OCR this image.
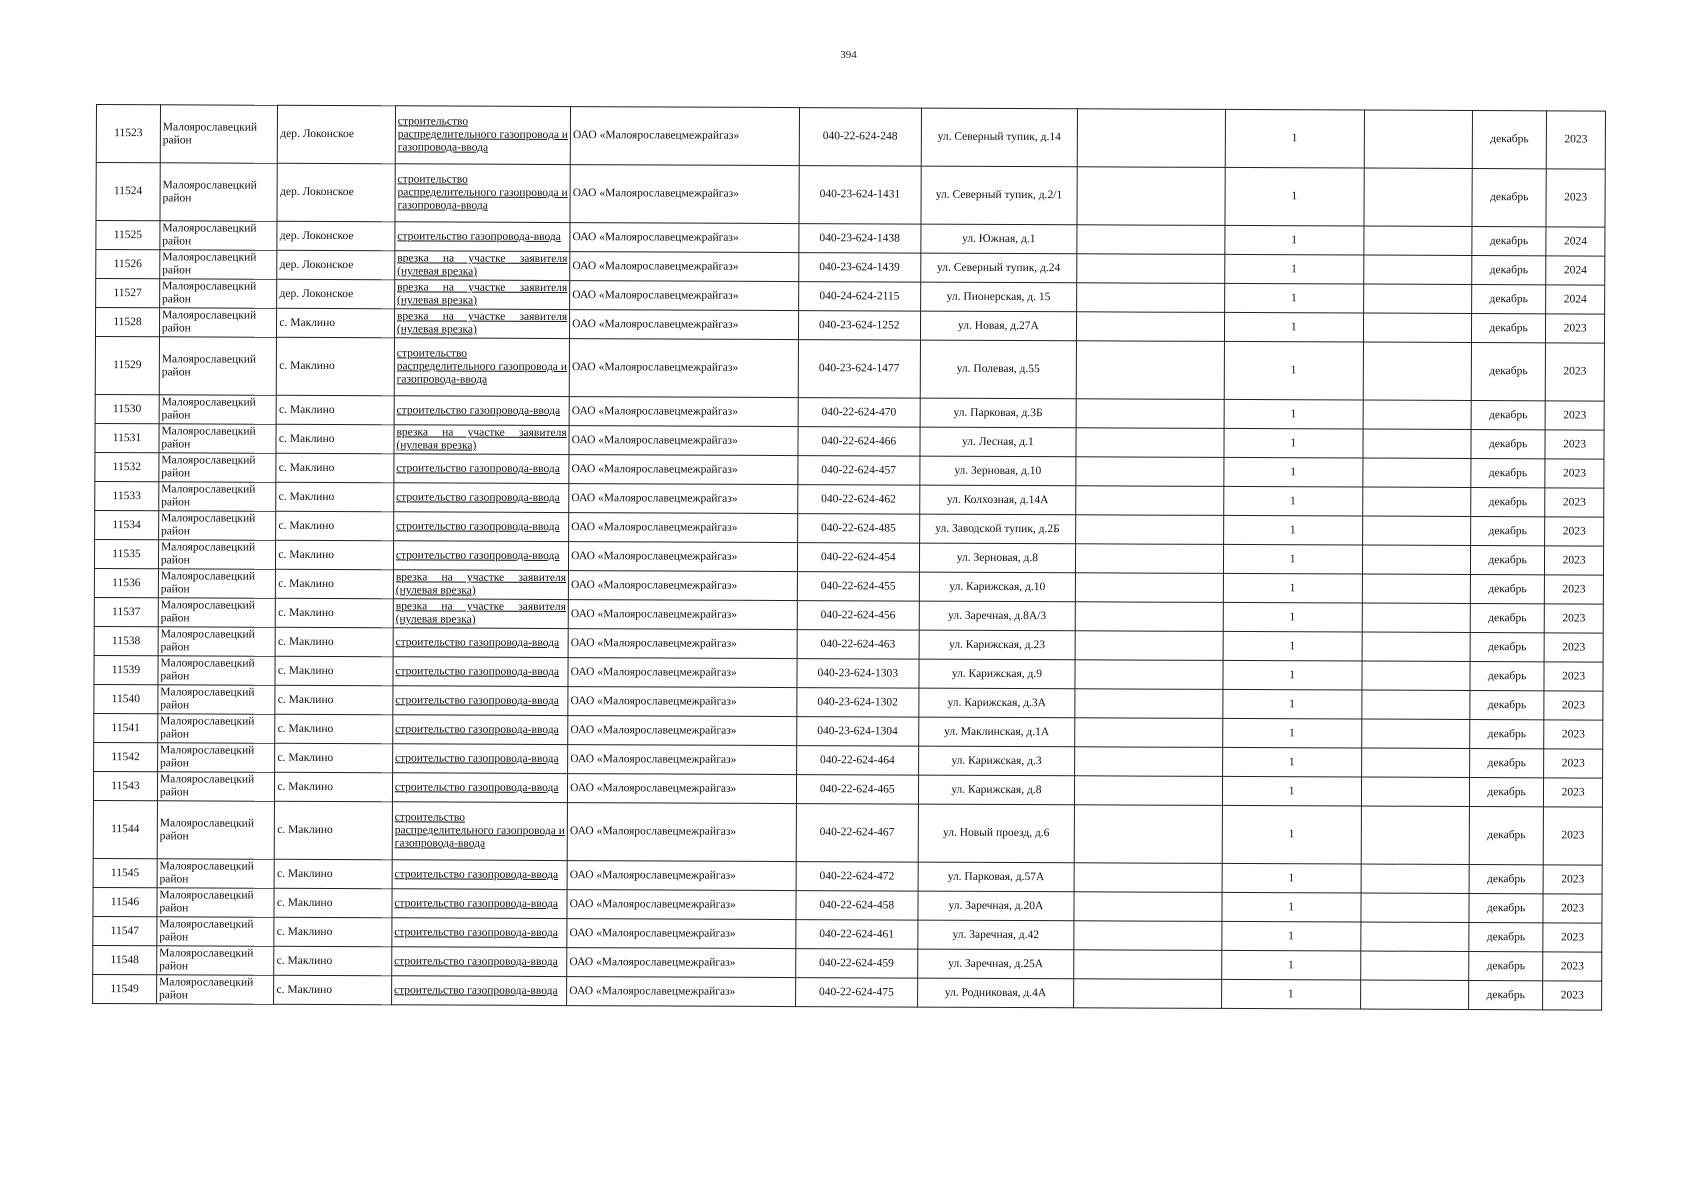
394
11523	Малоярославецкий район	дер. Локонское	строительство распределительного газопровода и газопровода-ввода	ОАО «Малоярославецмежрайгаз»	040-22-624-248	ул. Северный тупик, д.14		1		декабрь	2023
11524	Малоярославецкий район	дер. Локонское	строительство распределительного газопровода и газопровода-ввода	ОАО «Малоярославецмежрайгаз»	040-23-624-1431	ул. Северный тупик, д.2/1		1		декабрь	2023
11525	Малоярославецкий район	дер. Локонское	строительство газопровода-ввода	ОАО «Малоярославецмежрайгаз»	040-23-624-1438	ул. Южная, д.1		1		декабрь	2024
11526	Малоярославецкий район	дер. Локонское	врезка на участке заявителя (нулевая врезка)	ОАО «Малоярославецмежрайгаз»	040-23-624-1439	ул. Северный тупик, д.24		1		декабрь	2024
11527	Малоярославецкий район	дер. Локонское	врезка на участке заявителя (нулевая врезка)	ОАО «Малоярославецмежрайгаз»	040-24-624-2115	ул. Пионерская, д. 15		1		декабрь	2024
11528	Малоярославецкий район	с. Маклино	врезка на участке заявителя (нулевая врезка)	ОАО «Малоярославецмежрайгаз»	040-23-624-1252	ул. Новая, д.27А		1		декабрь	2023
11529	Малоярославецкий район	с. Маклино	строительство распределительного газопровода и газопровода-ввода	ОАО «Малоярославецмежрайгаз»	040-23-624-1477	ул. Полевая, д.55		1		декабрь	2023
11530	Малоярославецкий район	с. Маклино	строительство газопровода-ввода	ОАО «Малоярославецмежрайгаз»	040-22-624-470	ул. Парковая, д.3Б		1		декабрь	2023
11531	Малоярославецкий район	с. Маклино	врезка на участке заявителя (нулевая врезка)	ОАО «Малоярославецмежрайгаз»	040-22-624-466	ул. Лесная, д.1		1		декабрь	2023
11532	Малоярославецкий район	с. Маклино	строительство газопровода-ввода	ОАО «Малоярославецмежрайгаз»	040-22-624-457	ул. Зерновая, д.10		1		декабрь	2023
11533	Малоярославецкий район	с. Маклино	строительство газопровода-ввода	ОАО «Малоярославецмежрайгаз»	040-22-624-462	ул. Колхозная, д.14А		1		декабрь	2023
11534	Малоярославецкий район	с. Маклино	строительство газопровода-ввода	ОАО «Малоярославецмежрайгаз»	040-22-624-485	ул. Заводской тупик, д.2Б		1		декабрь	2023
11535	Малоярославецкий район	с. Маклино	строительство газопровода-ввода	ОАО «Малоярославецмежрайгаз»	040-22-624-454	ул. Зерновая, д.8		1		декабрь	2023
11536	Малоярославецкий район	с. Маклино	врезка на участке заявителя (нулевая врезка)	ОАО «Малоярославецмежрайгаз»	040-22-624-455	ул. Карижская, д.10		1		декабрь	2023
11537	Малоярославецкий район	с. Маклино	врезка на участке заявителя (нулевая врезка)	ОАО «Малоярославецмежрайгаз»	040-22-624-456	ул. Заречная, д.8А/3		1		декабрь	2023
11538	Малоярославецкий район	с. Маклино	строительство газопровода-ввода	ОАО «Малоярославецмежрайгаз»	040-22-624-463	ул. Карижская, д.23		1		декабрь	2023
11539	Малоярославецкий район	с. Маклино	строительство газопровода-ввода	ОАО «Малоярославецмежрайгаз»	040-23-624-1303	ул. Карижская, д.9		1		декабрь	2023
11540	Малоярославецкий район	с. Маклино	строительство газопровода-ввода	ОАО «Малоярославецмежрайгаз»	040-23-624-1302	ул. Карижская, д.3А		1		декабрь	2023
11541	Малоярославецкий район	с. Маклино	строительство газопровода-ввода	ОАО «Малоярославецмежрайгаз»	040-23-624-1304	ул. Маклинская, д.1А		1		декабрь	2023
11542	Малоярославецкий район	с. Маклино	строительство газопровода-ввода	ОАО «Малоярославецмежрайгаз»	040-22-624-464	ул. Карижская, д.3		1		декабрь	2023
11543	Малоярославецкий район	с. Маклино	строительство газопровода-ввода	ОАО «Малоярославецмежрайгаз»	040-22-624-465	ул. Карижская, д.8		1		декабрь	2023
11544	Малоярославецкий район	с. Маклино	строительство распределительного газопровода и газопровода-ввода	ОАО «Малоярославецмежрайгаз»	040-22-624-467	ул. Новый проезд, д.6		1		декабрь	2023
11545	Малоярославецкий район	с. Маклино	строительство газопровода-ввода	ОАО «Малоярославецмежрайгаз»	040-22-624-472	ул. Парковая, д.57А		1		декабрь	2023
11546	Малоярославецкий район	с. Маклино	строительство газопровода-ввода	ОАО «Малоярославецмежрайгаз»	040-22-624-458	ул. Заречная, д.20А		1		декабрь	2023
11547	Малоярославецкий район	с. Маклино	строительство газопровода-ввода	ОАО «Малоярославецмежрайгаз»	040-22-624-461	ул. Заречная, д.42		1		декабрь	2023
11548	Малоярославецкий район	с. Маклино	строительство газопровода-ввода	ОАО «Малоярославецмежрайгаз»	040-22-624-459	ул. Заречная, д.25А		1		декабрь	2023
11549	Малоярославецкий район	с. Маклино	строительство газопровода-ввода	ОАО «Малоярославецмежрайгаз»	040-22-624-475	ул. Родниковая, д.4А		1		декабрь	2023
